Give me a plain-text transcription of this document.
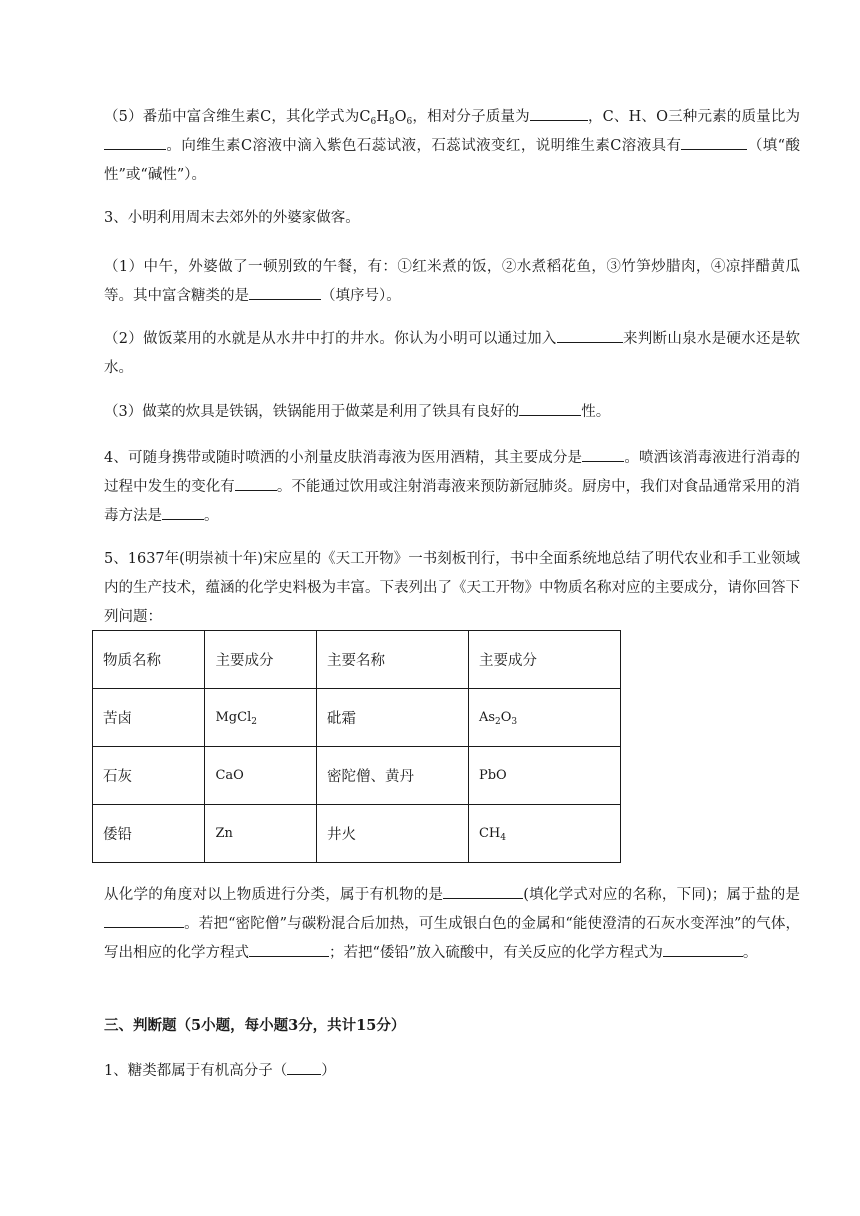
（5）番茄中富含维生素C，其化学式为$C_6H_8O_6$，相对分子质量为	，C、H、O三种元素的质量比为。向维生素C溶液中滴入紫色石蕊试液，石蕊试液变红，说明维生素C溶液具有	（填“酸性”或“碱性”）。

3、小明利用周末去郊外的外婆家做客。

（1）中午，外婆做了一顿别致的午餐，有：①红米煮的饭，②水煮稻花鱼，③竹笋炒腊肉，④凉拌醋黄瓜等。其中富含糖类的是	（填序号）。

（2）做饭菜用的水就是从水井中打的井水。你认为小明可以通过加入	来判断山泉水是硬水还是软水。

（3）做菜的炊具是铁锅，铁锅能用于做菜是利用了铁具有良好的	性。

4、可随身携带或随时喷洒的小剂量皮肤消毒液为医用酒精，其主要成分是	。喷洒该消毒液进行消毒的过程中发生的变化有	。不能通过饮用或注射消毒液来预防新冠肺炎。厨房中，我们对食品通常采用的消毒方法是	。

5、1637年(明崇祯十年)宋应星的《天工开物》一书刻板刊行，书中全面系统地总结了明代农业和手工业领域内的生产技术，蕴涵的化学史料极为丰富。下表列出了《天工开物》中物质名称对应的主要成分，请你回答下列问题：

物质名称	主要成分	主要名称	主要成分
苦卤	MgCl$_2$	砒霜	$As_2O_3$
石灰	CaO	密陀僧、黄丹	PbO
倭铅	Zn	井火	$CH_4$

从化学的角度对以上物质进行分类，属于有机物的是	(填化学式对应的名称，下同)；属于盐的是。若把“密陀僧”与碳粉混合后加热，可生成银白色的金属和“能使澄清的石灰水变浑浊”的气体，写出相应的化学方程式	；若把“倭铅”放入硫酸中，有关反应的化学方程式为	。

三、判断题（5小题，每小题3分，共计15分）

1、糖类都属于有机高分子（ ）
